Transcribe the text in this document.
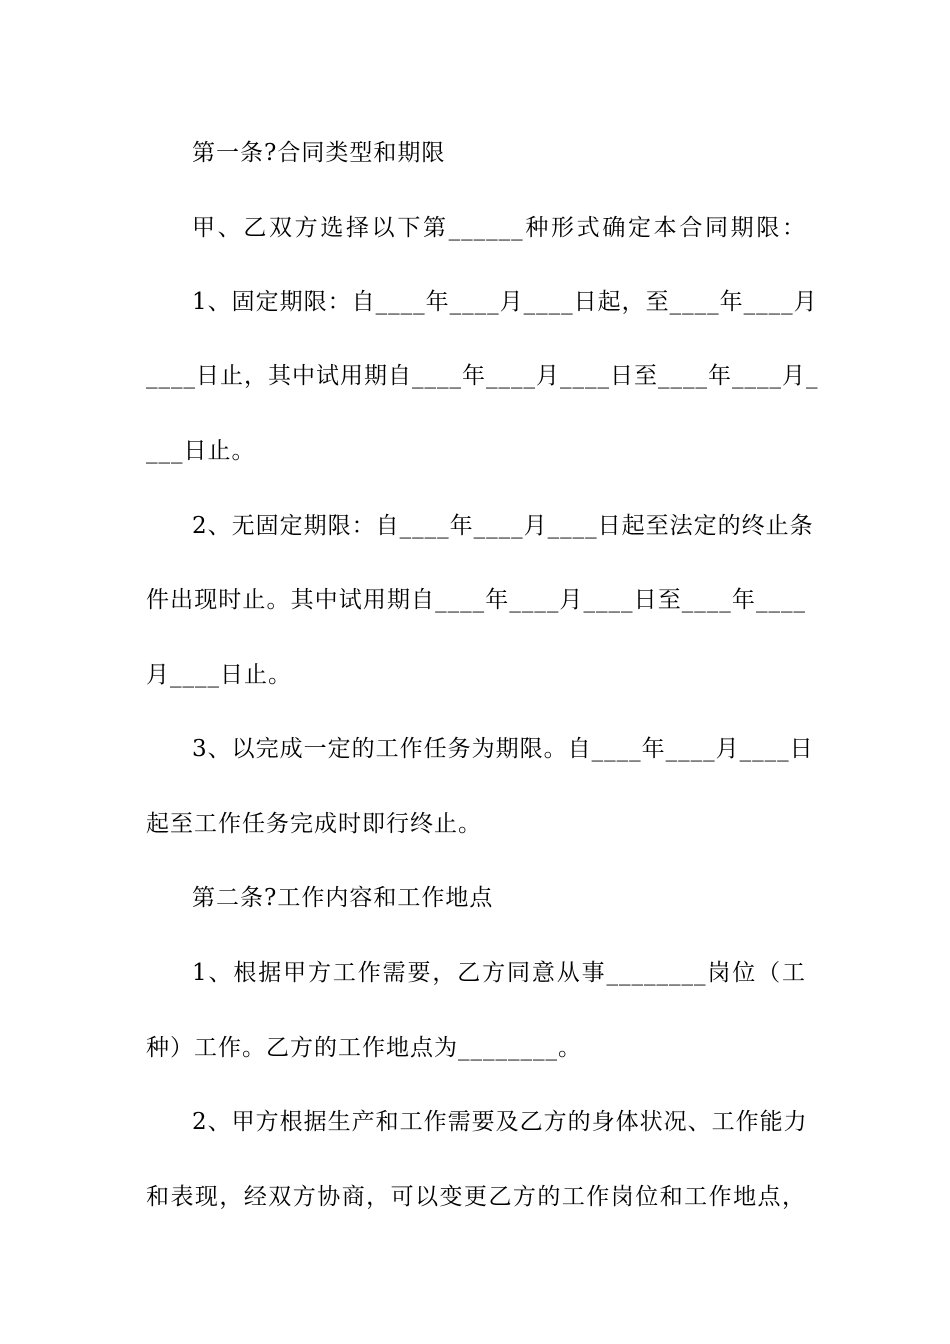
第一条?合同类型和期限
甲、乙双方选择以下第______种形式确定本合同期限：
1、固定期限：自____年____月____日起，至____年____月
____日止，其中试用期自____年____月____日至____年____月_
___日止。
2、无固定期限：自____年____月____日起至法定的终止条
件出现时止。其中试用期自____年____月____日至____年____
月____日止。
3、以完成一定的工作任务为期限。自____年____月____日
起至工作任务完成时即行终止。
第二条?工作内容和工作地点
1、根据甲方工作需要，乙方同意从事________岗位（工
种）工作。乙方的工作地点为________。
2、甲方根据生产和工作需要及乙方的身体状况、工作能力
和表现，经双方协商，可以变更乙方的工作岗位和工作地点，
